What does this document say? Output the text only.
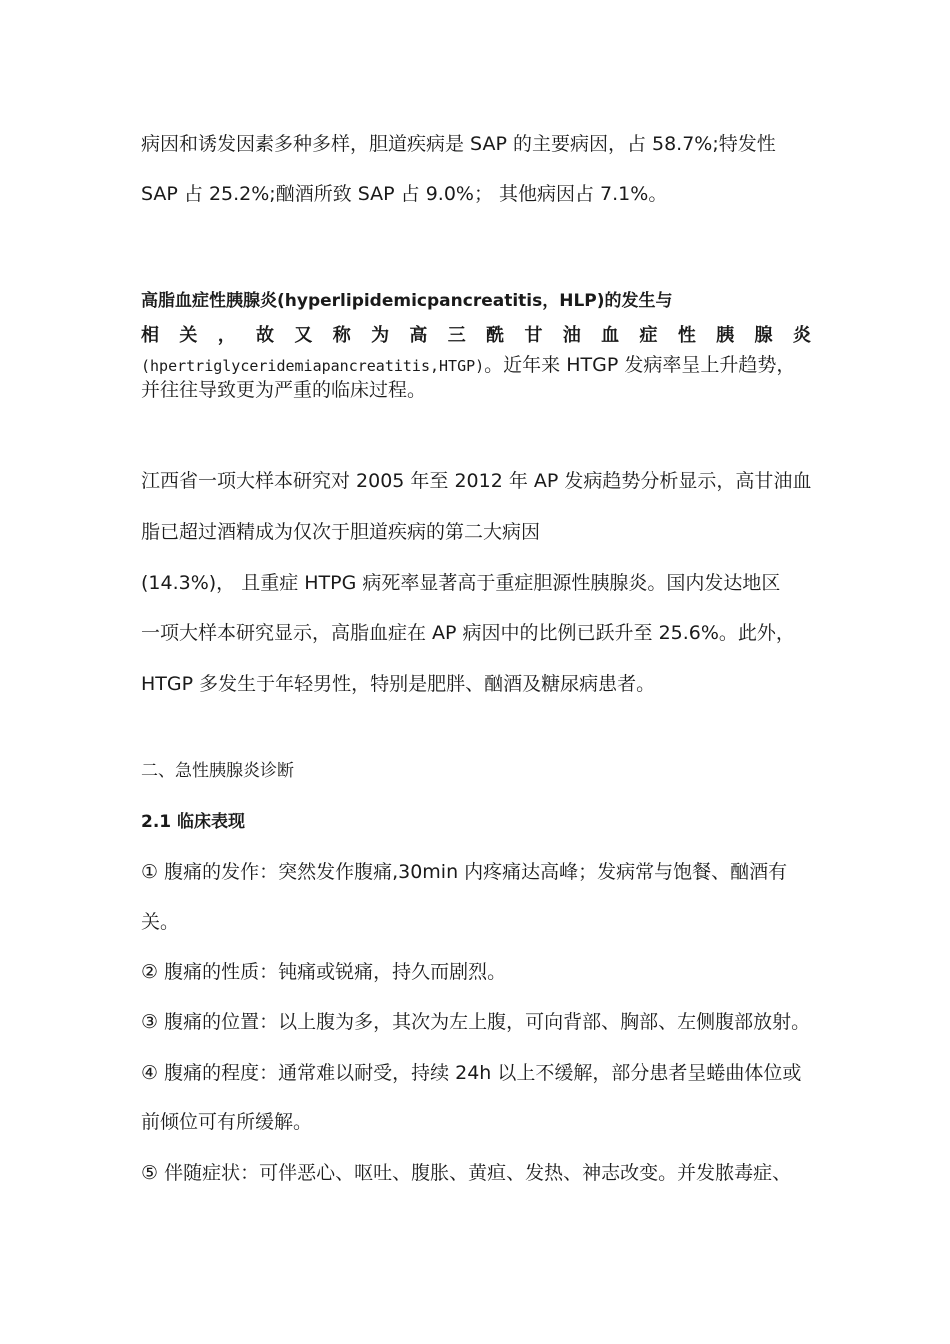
病因和诱发因素多种多样，胆道疾病是 SAP 的主要病因，占 58.7%;特发性

SAP 占 25.2%;酗酒所致 SAP 占 9.0%； 其他病因占 7.1%。

高脂血症性胰腺炎(hyperlipidemicpancreatitis，HLP)的发生与

相 关 ， 故 又 称 为 高 三 酰 甘 油 血 症 性 胰 腺 炎

(hpertriglyceridemiapancreatitis,HTGP)。近年来 HTGP 发病率呈上升趋势，

并往往导致更为严重的临床过程。

江西省一项大样本研究对 2005 年至 2012 年 AP 发病趋势分析显示，高甘油血

脂已超过酒精成为仅次于胆道疾病的第二大病因

(14.3%)， 且重症 HTPG 病死率显著高于重症胆源性胰腺炎。国内发达地区

一项大样本研究显示，高脂血症在 AP 病因中的比例已跃升至 25.6%。此外，

HTGP 多发生于年轻男性，特别是肥胖、酗酒及糖尿病患者。

二、急性胰腺炎诊断

2.1 临床表现

① 腹痛的发作：突然发作腹痛,30min 内疼痛达高峰；发病常与饱餐、酗酒有

关。

② 腹痛的性质：钝痛或锐痛，持久而剧烈。

③ 腹痛的位置：以上腹为多，其次为左上腹，可向背部、胸部、左侧腹部放射。

④ 腹痛的程度：通常难以耐受，持续 24h 以上不缓解，部分患者呈蜷曲体位或

前倾位可有所缓解。

⑤ 伴随症状：可伴恶心、呕吐、腹胀、黄疸、发热、神志改变。并发脓毒症、
